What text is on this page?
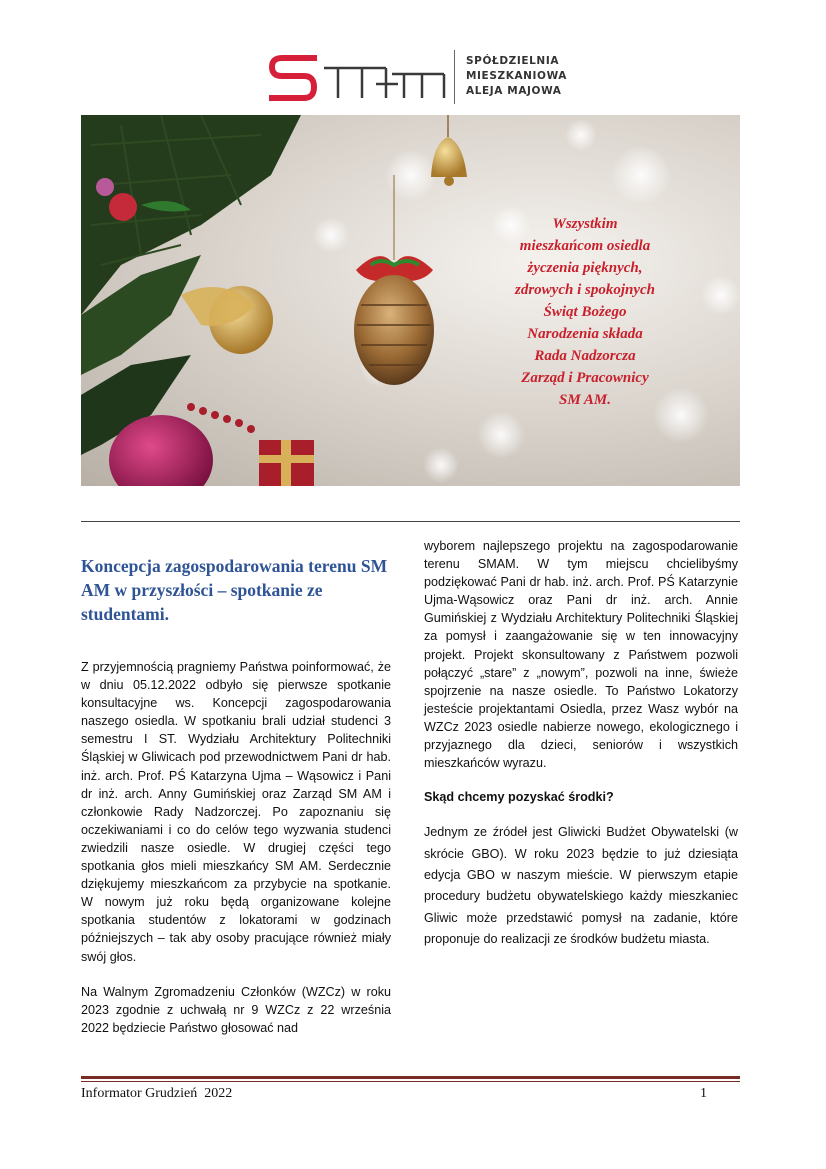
SPÓŁDZIELNIA
MIESZKANIOWA
ALEJA MAJOWA
Wszystkim
mieszkańcom osiedla
życzenia pięknych,
zdrowych i spokojnych
Świąt Bożego
Narodzenia składa
Rada Nadzorcza
Zarząd i Pracownicy
SM AM.
Koncepcja zagospodarowania terenu SM AM w przyszłości – spotkanie ze studentami.

Z przyjemnością pragniemy Państwa poinformować, że w dniu 05.12.2022 odbyło się pierwsze spotkanie konsultacyjne ws. Koncepcji zagospodarowania naszego osiedla. W spotkaniu brali udział studenci 3 semestru I ST. Wydziału Architektury Politechniki Śląskiej w Gliwicach pod przewodnictwem Pani dr hab. inż. arch. Prof. PŚ Katarzyna Ujma – Wąsowicz i Pani dr inż. arch. Anny Gumińskiej oraz Zarząd SM AM i członkowie Rady Nadzorczej. Po zapoznaniu się oczekiwaniami i co do celów tego wyzwania studenci zwiedzili nasze osiedle. W drugiej części tego spotkania głos mieli mieszkańcy SM AM. Serdecznie dziękujemy mieszkańcom za przybycie na spotkanie. W nowym już roku będą organizowane kolejne spotkania studentów z lokatorami w godzinach późniejszych – tak aby osoby pracujące również miały swój głos.

Na Walnym Zgromadzeniu Członków (WZCz) w roku 2023 zgodnie z uchwałą nr 9 WZCz z 22 września 2022 będziecie Państwo głosować nad

wyborem najlepszego projektu na zagospodarowanie terenu SMAM. W tym miejscu chcielibyśmy podziękować Pani dr hab. inż. arch. Prof. PŚ Katarzynie Ujma-Wąsowicz oraz Pani dr inż. arch. Annie Gumińskiej z Wydziału Architektury Politechniki Śląskiej za pomysł i zaangażowanie się w ten innowacyjny projekt. Projekt skonsultowany z Państwem pozwoli połączyć „stare” z „nowym”, pozwoli na inne, świeże spojrzenie na nasze osiedle. To Państwo Lokatorzy jesteście projektantami Osiedla, przez Wasz wybór na WZCz 2023 osiedle nabierze nowego, ekologicznego i przyjaznego dla dzieci, seniorów i wszystkich mieszkańców wyrazu.

Skąd chcemy pozyskać środki?

Jednym ze źródeł jest Gliwicki Budżet Obywatelski (w skrócie GBO). W roku 2023 będzie to już dziesiąta edycja GBO w naszym mieście. W pierwszym etapie procedury budżetu obywatelskiego każdy mieszkaniec Gliwic może przedstawić pomysł na zadanie, które proponuje do realizacji ze środków budżetu miasta.

Informator Grudzień  2022	1
